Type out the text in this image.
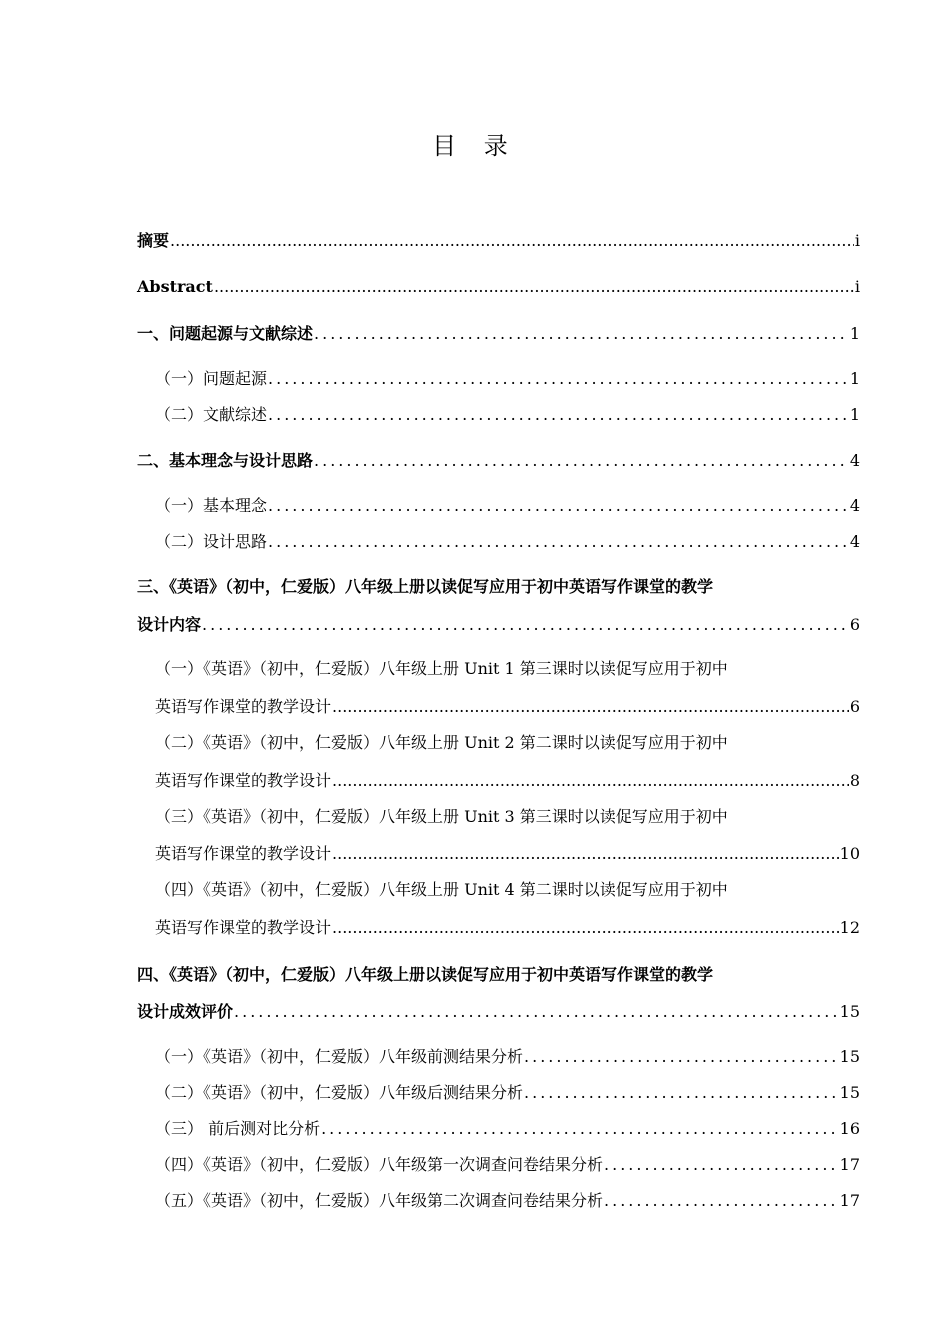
目 录
摘要 .....	i
Abstract .....	i
一、问题起源与文献综述 .....	1
（一）问题起源 .....	1
（二）文献综述 .....	1
二、基本理念与设计思路 .....	4
（一）基本理念 .....	4
（二）设计思路 .....	4
三、《英语》（初中，仁爱版）八年级上册以读促写应用于初中英语写作课堂的教学
设计内容 .....	6
（一）《英语》（初中，仁爱版）八年级上册 Unit 1 第三课时以读促写应用于初中
英语写作课堂的教学设计 .....	6
（二）《英语》（初中，仁爱版）八年级上册 Unit 2 第二课时以读促写应用于初中
英语写作课堂的教学设计 .....	8
（三）《英语》（初中，仁爱版）八年级上册 Unit 3 第三课时以读促写应用于初中
英语写作课堂的教学设计 .....	10
（四）《英语》（初中，仁爱版）八年级上册 Unit 4 第二课时以读促写应用于初中
英语写作课堂的教学设计 .....	12
四、《英语》（初中，仁爱版）八年级上册以读促写应用于初中英语写作课堂的教学
设计成效评价 .....	15
（一）《英语》（初中，仁爱版）八年级前测结果分析 .....	15
（二）《英语》（初中，仁爱版）八年级后测结果分析 .....	15
（三） 前后测对比分析 .....	16
（四）《英语》（初中，仁爱版）八年级第一次调查问卷结果分析 .....	17
（五）《英语》（初中，仁爱版）八年级第二次调查问卷结果分析 .....	17
